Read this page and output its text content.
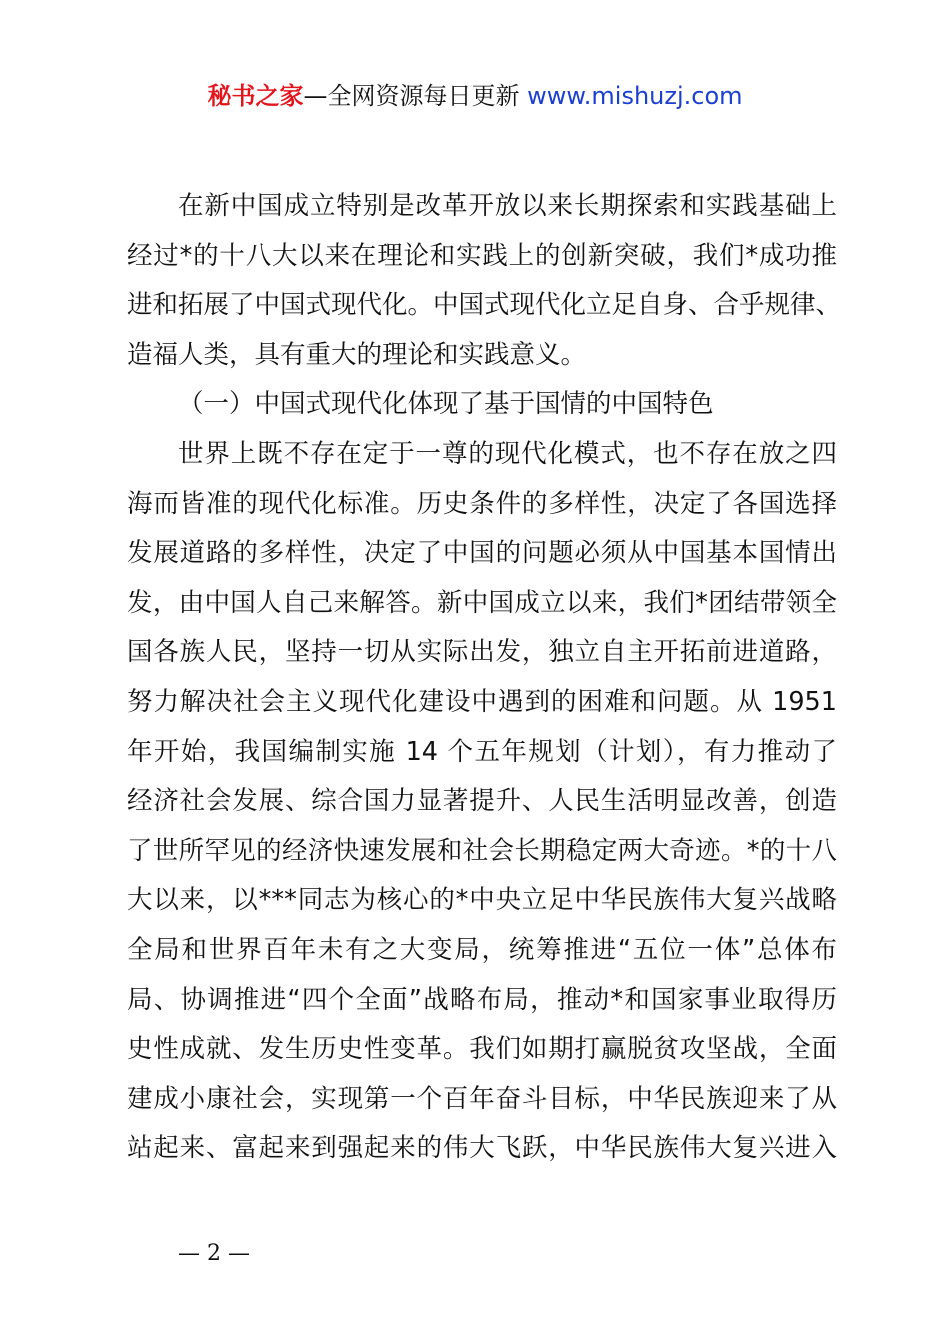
秘书之家—全网资源每日更新 www.mishuzj.com
在新中国成立特别是改革开放以来长期探索和实践基础上
经过*的十八大以来在理论和实践上的创新突破，我们*成功推
进和拓展了中国式现代化。中国式现代化立足自身、合乎规律、
造福人类，具有重大的理论和实践意义。
（一）中国式现代化体现了基于国情的中国特色
世界上既不存在定于一尊的现代化模式，也不存在放之四
海而皆准的现代化标准。历史条件的多样性，决定了各国选择
发展道路的多样性，决定了中国的问题必须从中国基本国情出
发，由中国人自己来解答。新中国成立以来，我们*团结带领全
国各族人民，坚持一切从实际出发，独立自主开拓前进道路，
努力解决社会主义现代化建设中遇到的困难和问题。从 1951
年开始，我国编制实施 14 个五年规划（计划），有力推动了
经济社会发展、综合国力显著提升、人民生活明显改善，创造
了世所罕见的经济快速发展和社会长期稳定两大奇迹。*的十八
大以来，以***同志为核心的*中央立足中华民族伟大复兴战略
全局和世界百年未有之大变局，统筹推进“五位一体”总体布
局、协调推进“四个全面”战略布局，推动*和国家事业取得历
史性成就、发生历史性变革。我们如期打赢脱贫攻坚战，全面
建成小康社会，实现第一个百年奋斗目标，中华民族迎来了从
站起来、富起来到强起来的伟大飞跃，中华民族伟大复兴进入
— 2 —
